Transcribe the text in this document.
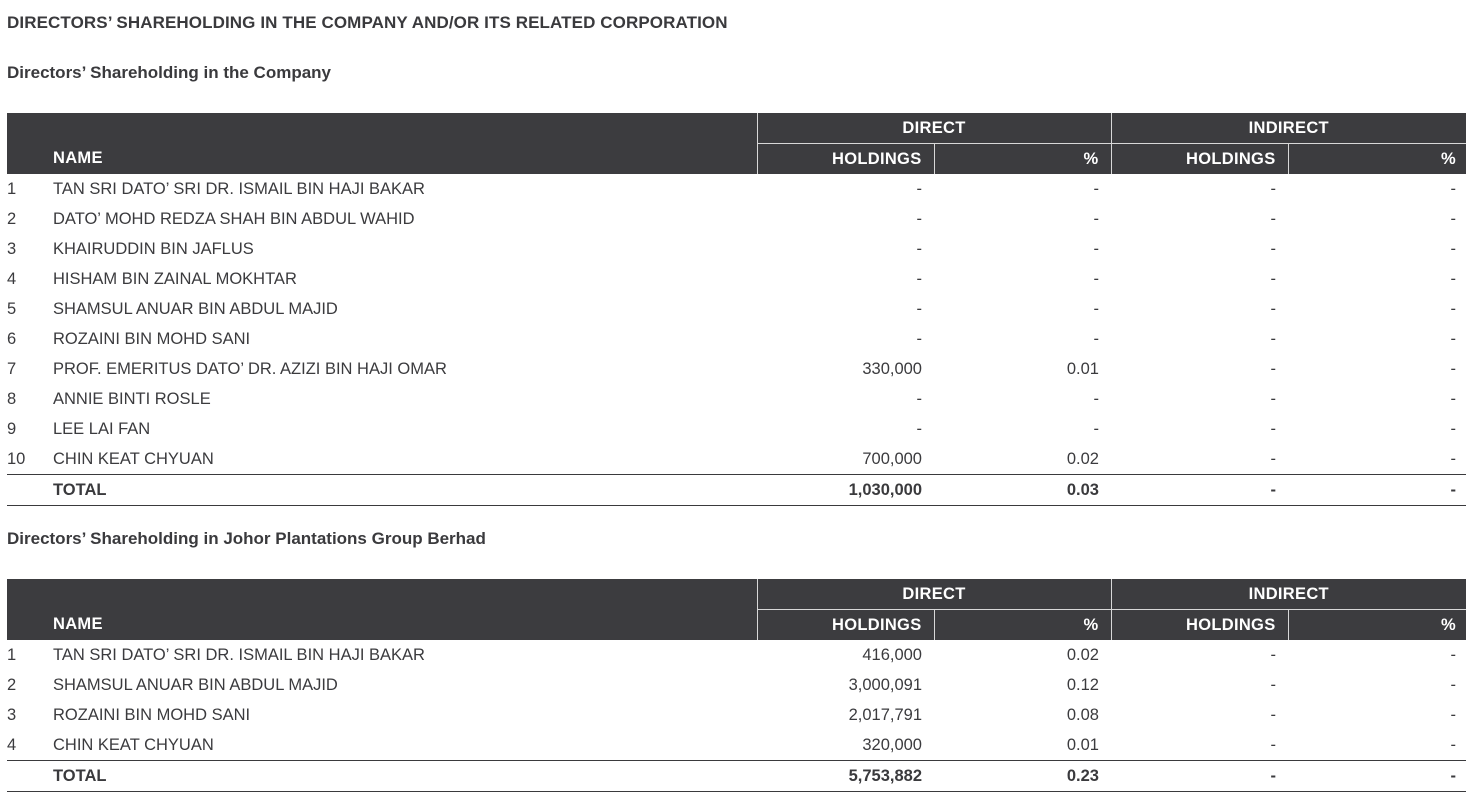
DIRECTORS’ SHAREHOLDING IN THE COMPANY AND/OR ITS RELATED CORPORATION
Directors’ Shareholding in the Company
	NAME	DIRECT		INDIRECT	
		HOLDINGS	%	HOLDINGS	%
1	TAN SRI DATO’ SRI DR. ISMAIL BIN HAJI BAKAR	-	-	-	-
2	DATO’ MOHD REDZA SHAH BIN ABDUL WAHID	-	-	-	-
3	KHAIRUDDIN BIN JAFLUS	-	-	-	-
4	HISHAM BIN ZAINAL MOKHTAR	-	-	-	-
5	SHAMSUL ANUAR BIN ABDUL MAJID	-	-	-	-
6	ROZAINI BIN MOHD SANI	-	-	-	-
7	PROF. EMERITUS DATO’ DR. AZIZI BIN HAJI OMAR	330,000	0.01	-	-
8	ANNIE BINTI ROSLE	-	-	-	-
9	LEE LAI FAN	-	-	-	-
10	CHIN KEAT CHYUAN	700,000	0.02	-	-
	TOTAL	1,030,000	0.03	-	-
Directors’ Shareholding in Johor Plantations Group Berhad
	NAME	DIRECT		INDIRECT	
		HOLDINGS	%	HOLDINGS	%
1	TAN SRI DATO’ SRI DR. ISMAIL BIN HAJI BAKAR	416,000	0.02	-	-
2	SHAMSUL ANUAR BIN ABDUL MAJID	3,000,091	0.12	-	-
3	ROZAINI BIN MOHD SANI	2,017,791	0.08	-	-
4	CHIN KEAT CHYUAN	320,000	0.01	-	-
	TOTAL	5,753,882	0.23	-	-
